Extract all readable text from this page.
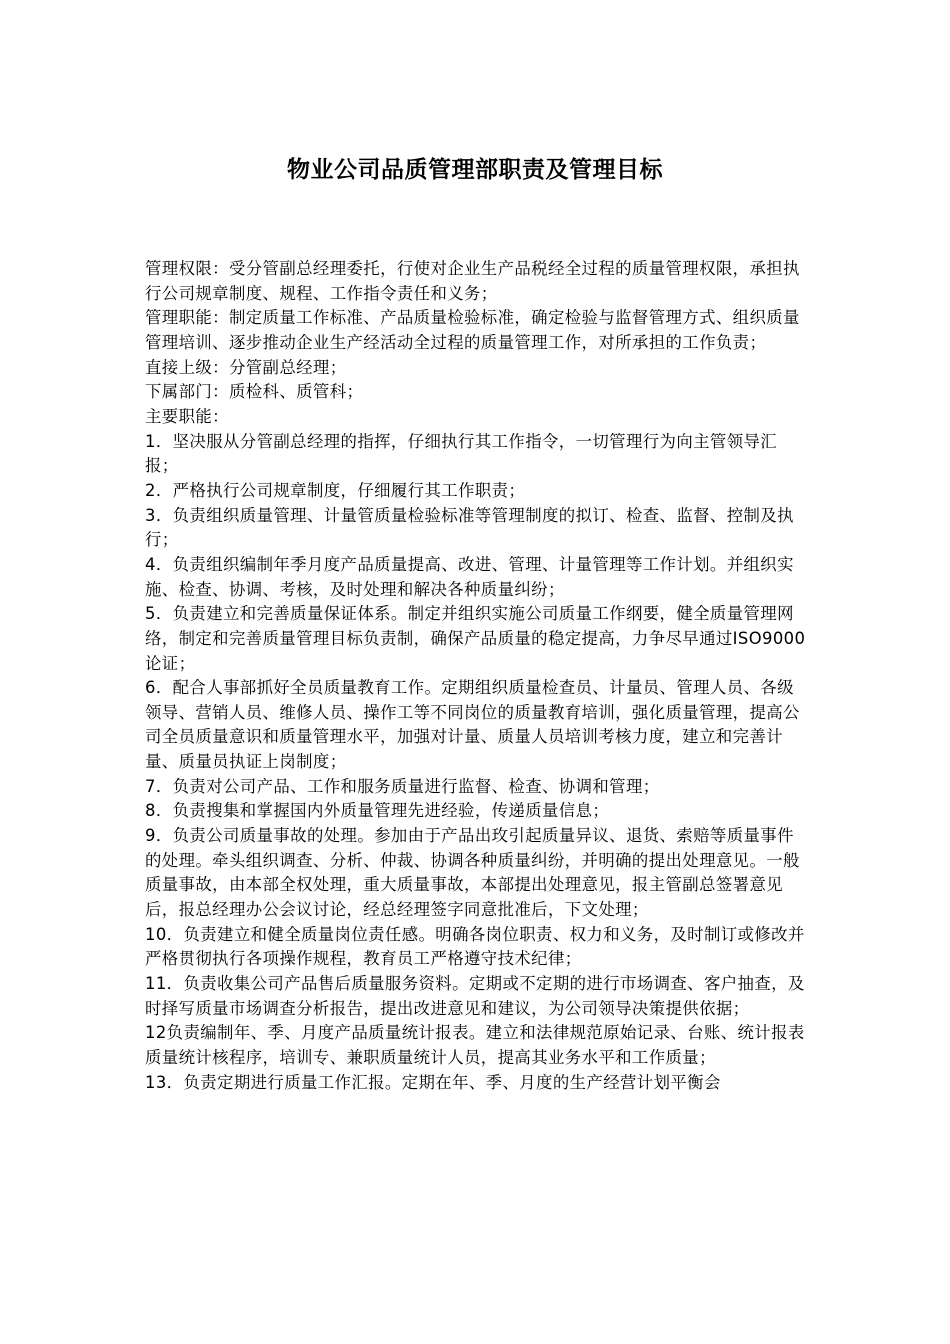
物业公司品质管理部职责及管理目标

管理权限：受分管副总经理委托，行使对企业生产品税经全过程的质量管理权限，承担执行公司规章制度、规程、工作指令责任和义务；

管理职能：制定质量工作标准、产品质量检验标准，确定检验与监督管理方式、组织质量管理培训、逐步推动企业生产经活动全过程的质量管理工作，对所承担的工作负责；

直接上级：分管副总经理；

下属部门：质检科、质管科；

主要职能：

1．坚决服从分管副总经理的指挥，仔细执行其工作指令，一切管理行为向主管领导汇报；

2．严格执行公司规章制度，仔细履行其工作职责；

3．负责组织质量管理、计量管质量检验标准等管理制度的拟订、检查、监督、控制及执行；

4．负责组织编制年季月度产品质量提高、改进、管理、计量管理等工作计划。并组织实施、检查、协调、考核，及时处理和解决各种质量纠纷；

5．负责建立和完善质量保证体系。制定并组织实施公司质量工作纲要，健全质量管理网络，制定和完善质量管理目标负责制，确保产品质量的稳定提高，力争尽早通过ISO9000论证；

6．配合人事部抓好全员质量教育工作。定期组织质量检查员、计量员、管理人员、各级领导、营销人员、维修人员、操作工等不同岗位的质量教育培训，强化质量管理，提高公司全员质量意识和质量管理水平，加强对计量、质量人员培训考核力度，建立和完善计量、质量员执证上岗制度；

7．负责对公司产品、工作和服务质量进行监督、检查、协调和管理；

8．负责搜集和掌握国内外质量管理先进经验，传递质量信息；

9．负责公司质量事故的处理。参加由于产品出玫引起质量异议、退货、索赔等质量事件的处理。牵头组织调查、分析、仲裁、协调各种质量纠纷，并明确的提出处理意见。一般质量事故，由本部全权处理，重大质量事故，本部提出处理意见，报主管副总签署意见后，报总经理办公会议讨论，经总经理签字同意批准后，下文处理；

10．负责建立和健全质量岗位责任感。明确各岗位职责、权力和义务，及时制订或修改并严格贯彻执行各项操作规程，教育员工严格遵守技术纪律；

11．负责收集公司产品售后质量服务资料。定期或不定期的进行市场调查、客户抽查，及时择写质量市场调查分析报告，提出改进意见和建议，为公司领导决策提供依据；

12负责编制年、季、月度产品质量统计报表。建立和法律规范原始记录、台账、统计报表质量统计核程序，培训专、兼职质量统计人员，提高其业务水平和工作质量；

13．负责定期进行质量工作汇报。定期在年、季、月度的生产经营计划平衡会
